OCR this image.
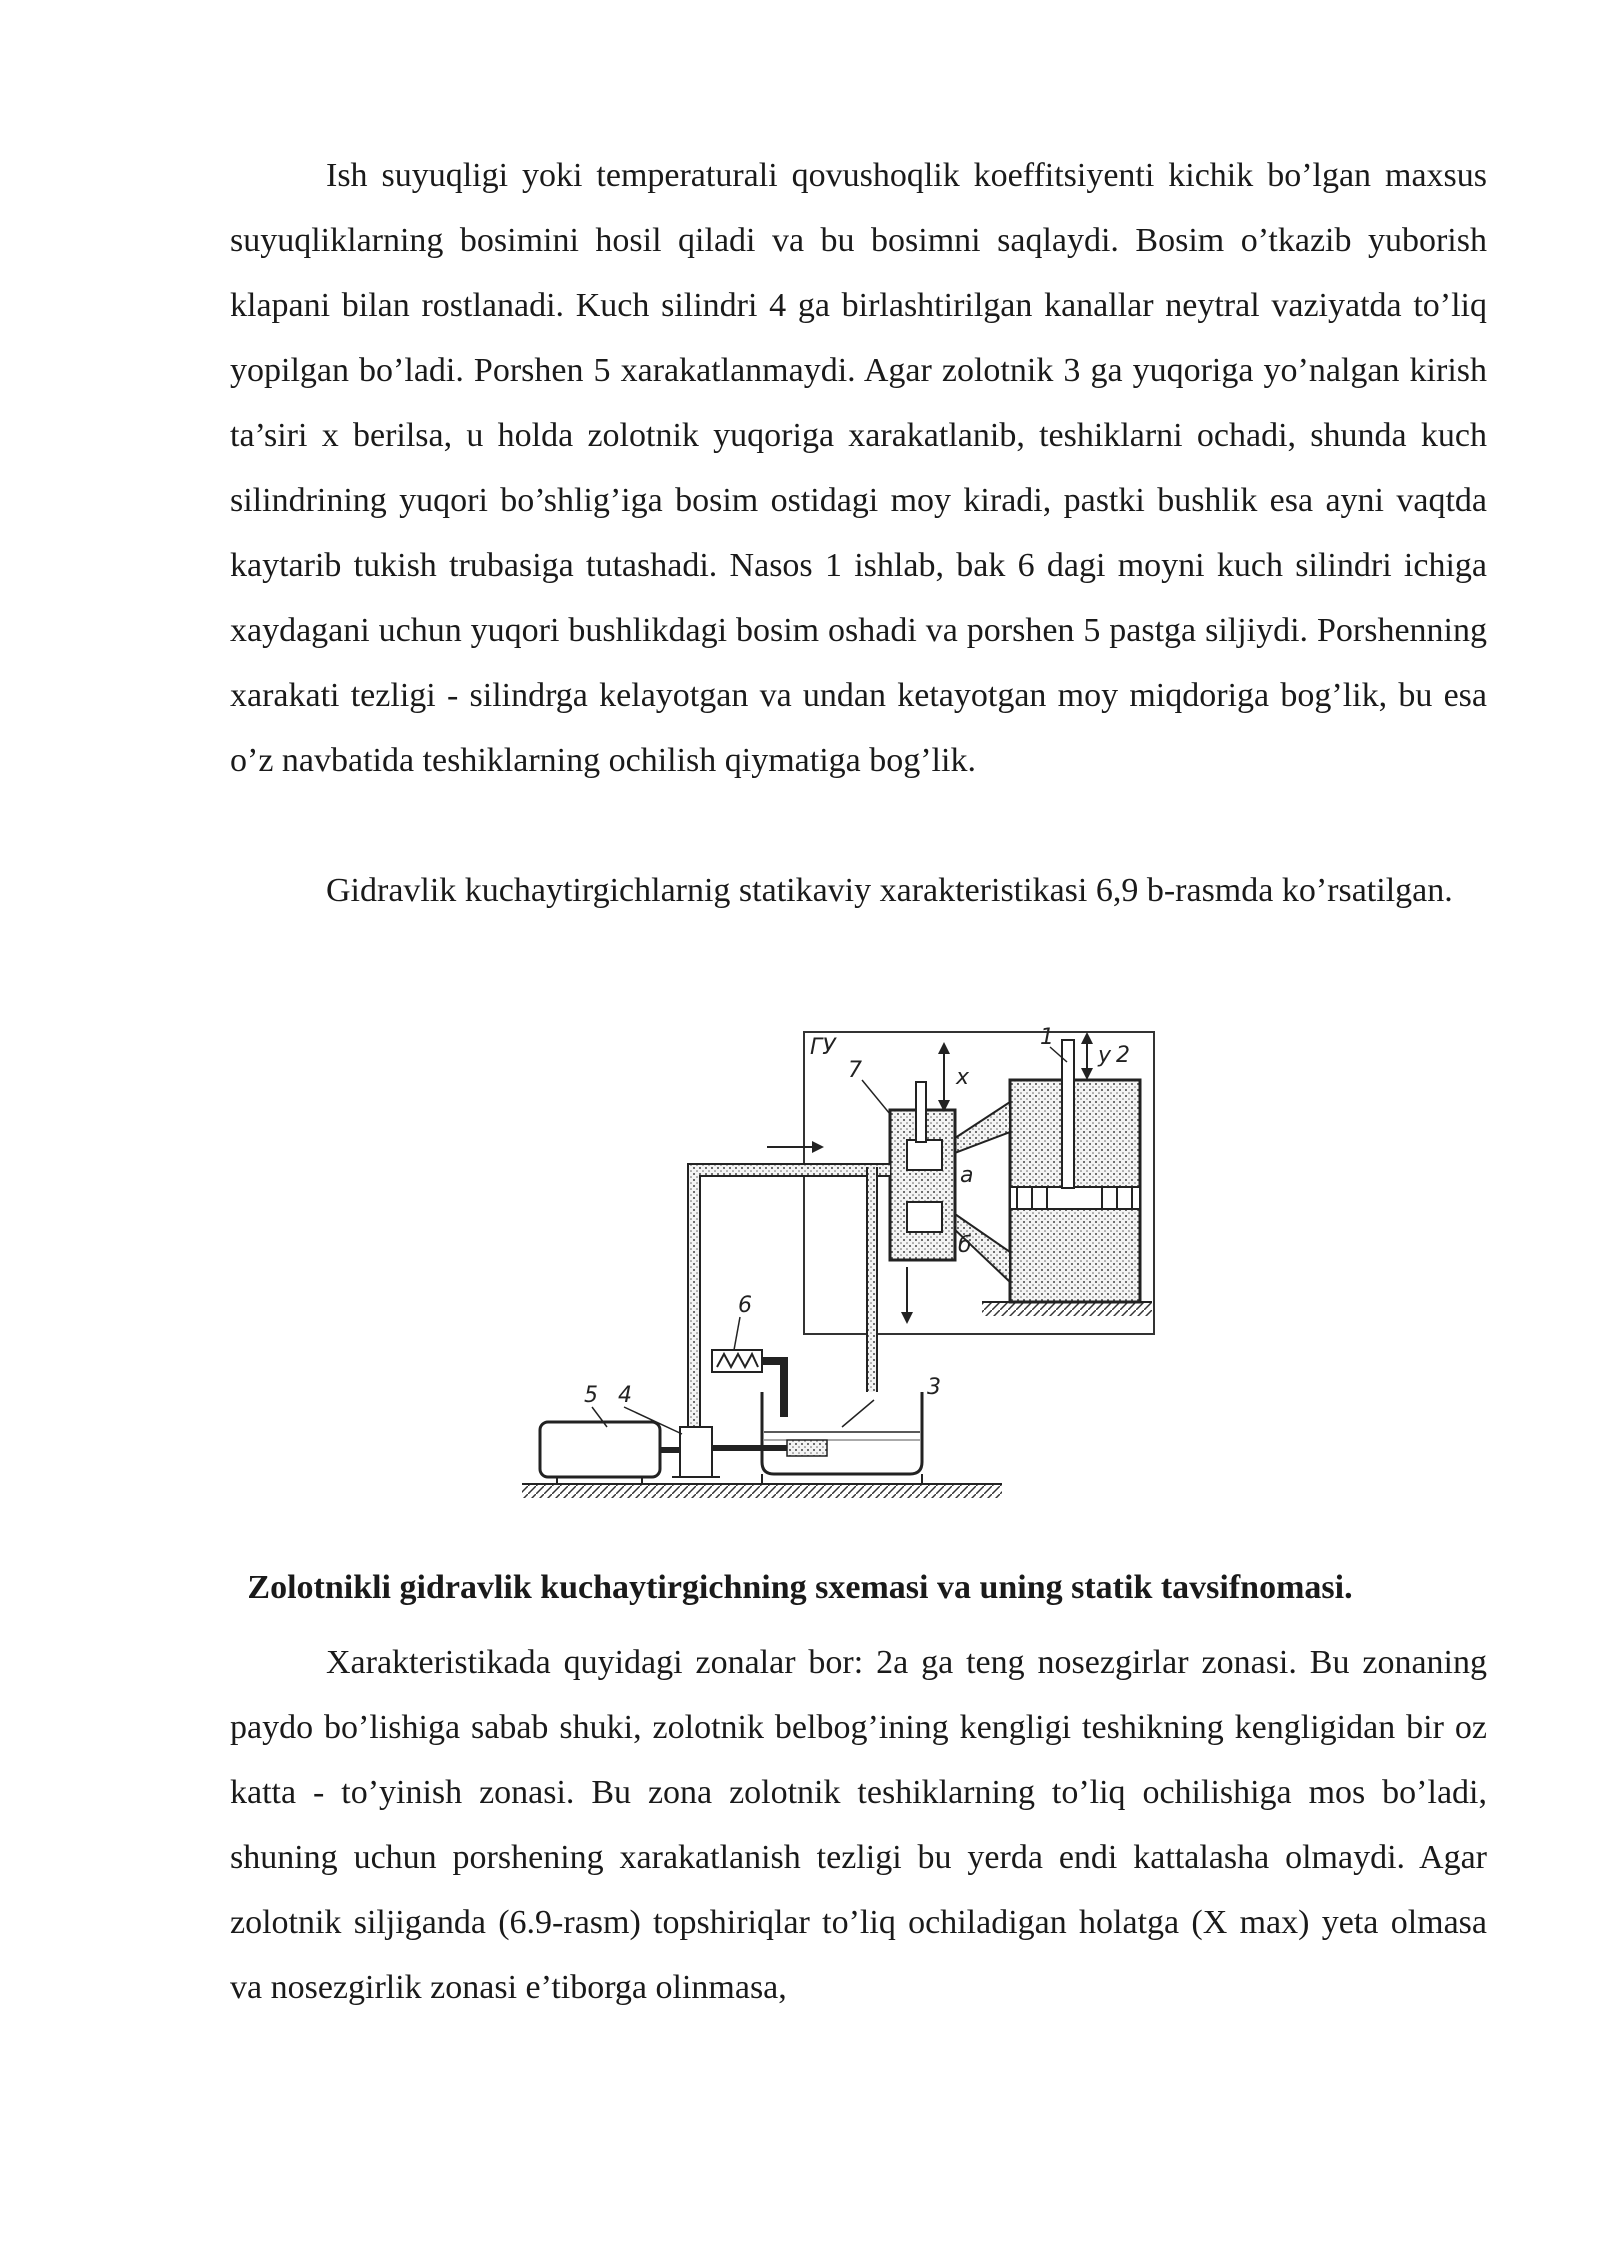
Ish suyuqligi yoki temperaturali qovushoqlik koeffitsiyenti kichik bo’lgan maxsus suyuqliklarning bosimini hosil qiladi va bu bosimni saqlaydi. Bosim o’tkazib yuborish klapani bilan rostlanadi. Kuch silindri 4 ga birlashtirilgan kanallar neytral vaziyatda to’liq yopilgan bo’ladi. Porshen 5 xarakatlanmaydi. Agar zolotnik 3 ga yuqoriga yo’nalgan kirish ta’siri x berilsa, u holda zolotnik yuqoriga xarakatlanib, teshiklarni ochadi, shunda kuch silindrining yuqori bo’shlig’iga bosim ostidagi moy kiradi, pastki bushlik esa ayni vaqtda kaytarib tukish trubasiga tutashadi. Nasos 1 ishlab, bak 6 dagi moyni kuch silindri ichiga xaydagani uchun yuqori bushlikdagi bosim oshadi va porshen 5 pastga siljiydi. Porshenning xarakati tezligi - silindrga kelayotgan va undan ketayotgan moy miqdoriga bog’lik, bu esa o’z navbatida teshiklarning ochilish qiymatiga bog’lik.

Gidravlik kuchaytirgichlarnig statikaviy xarakteristikasi 6,9 b-rasmda ko’rsatilgan.

ГУ
7	x
1
y 2
a
б
6
5 4	3
Zolotnikli gidravlik kuchaytirgichning sxemasi va uning statik tavsifnomasi.

Xarakteristikada quyidagi zonalar bor: 2a ga teng nosezgirlar zonasi. Bu zonaning paydo bo’lishiga sabab shuki, zolotnik belbog’ining kengligi teshikning kengligidan bir oz katta - to’yinish zonasi. Bu zona zolotnik teshiklarning to’liq ochilishiga mos bo’ladi, shuning uchun porshening xarakatlanish tezligi bu yerda endi kattalasha olmaydi. Agar zolotnik siljiganda (6.9-rasm) topshiriqlar to’liq ochiladigan holatga (X max) yeta olmasa va nosezgirlik zonasi e’tiborga olinmasa,
